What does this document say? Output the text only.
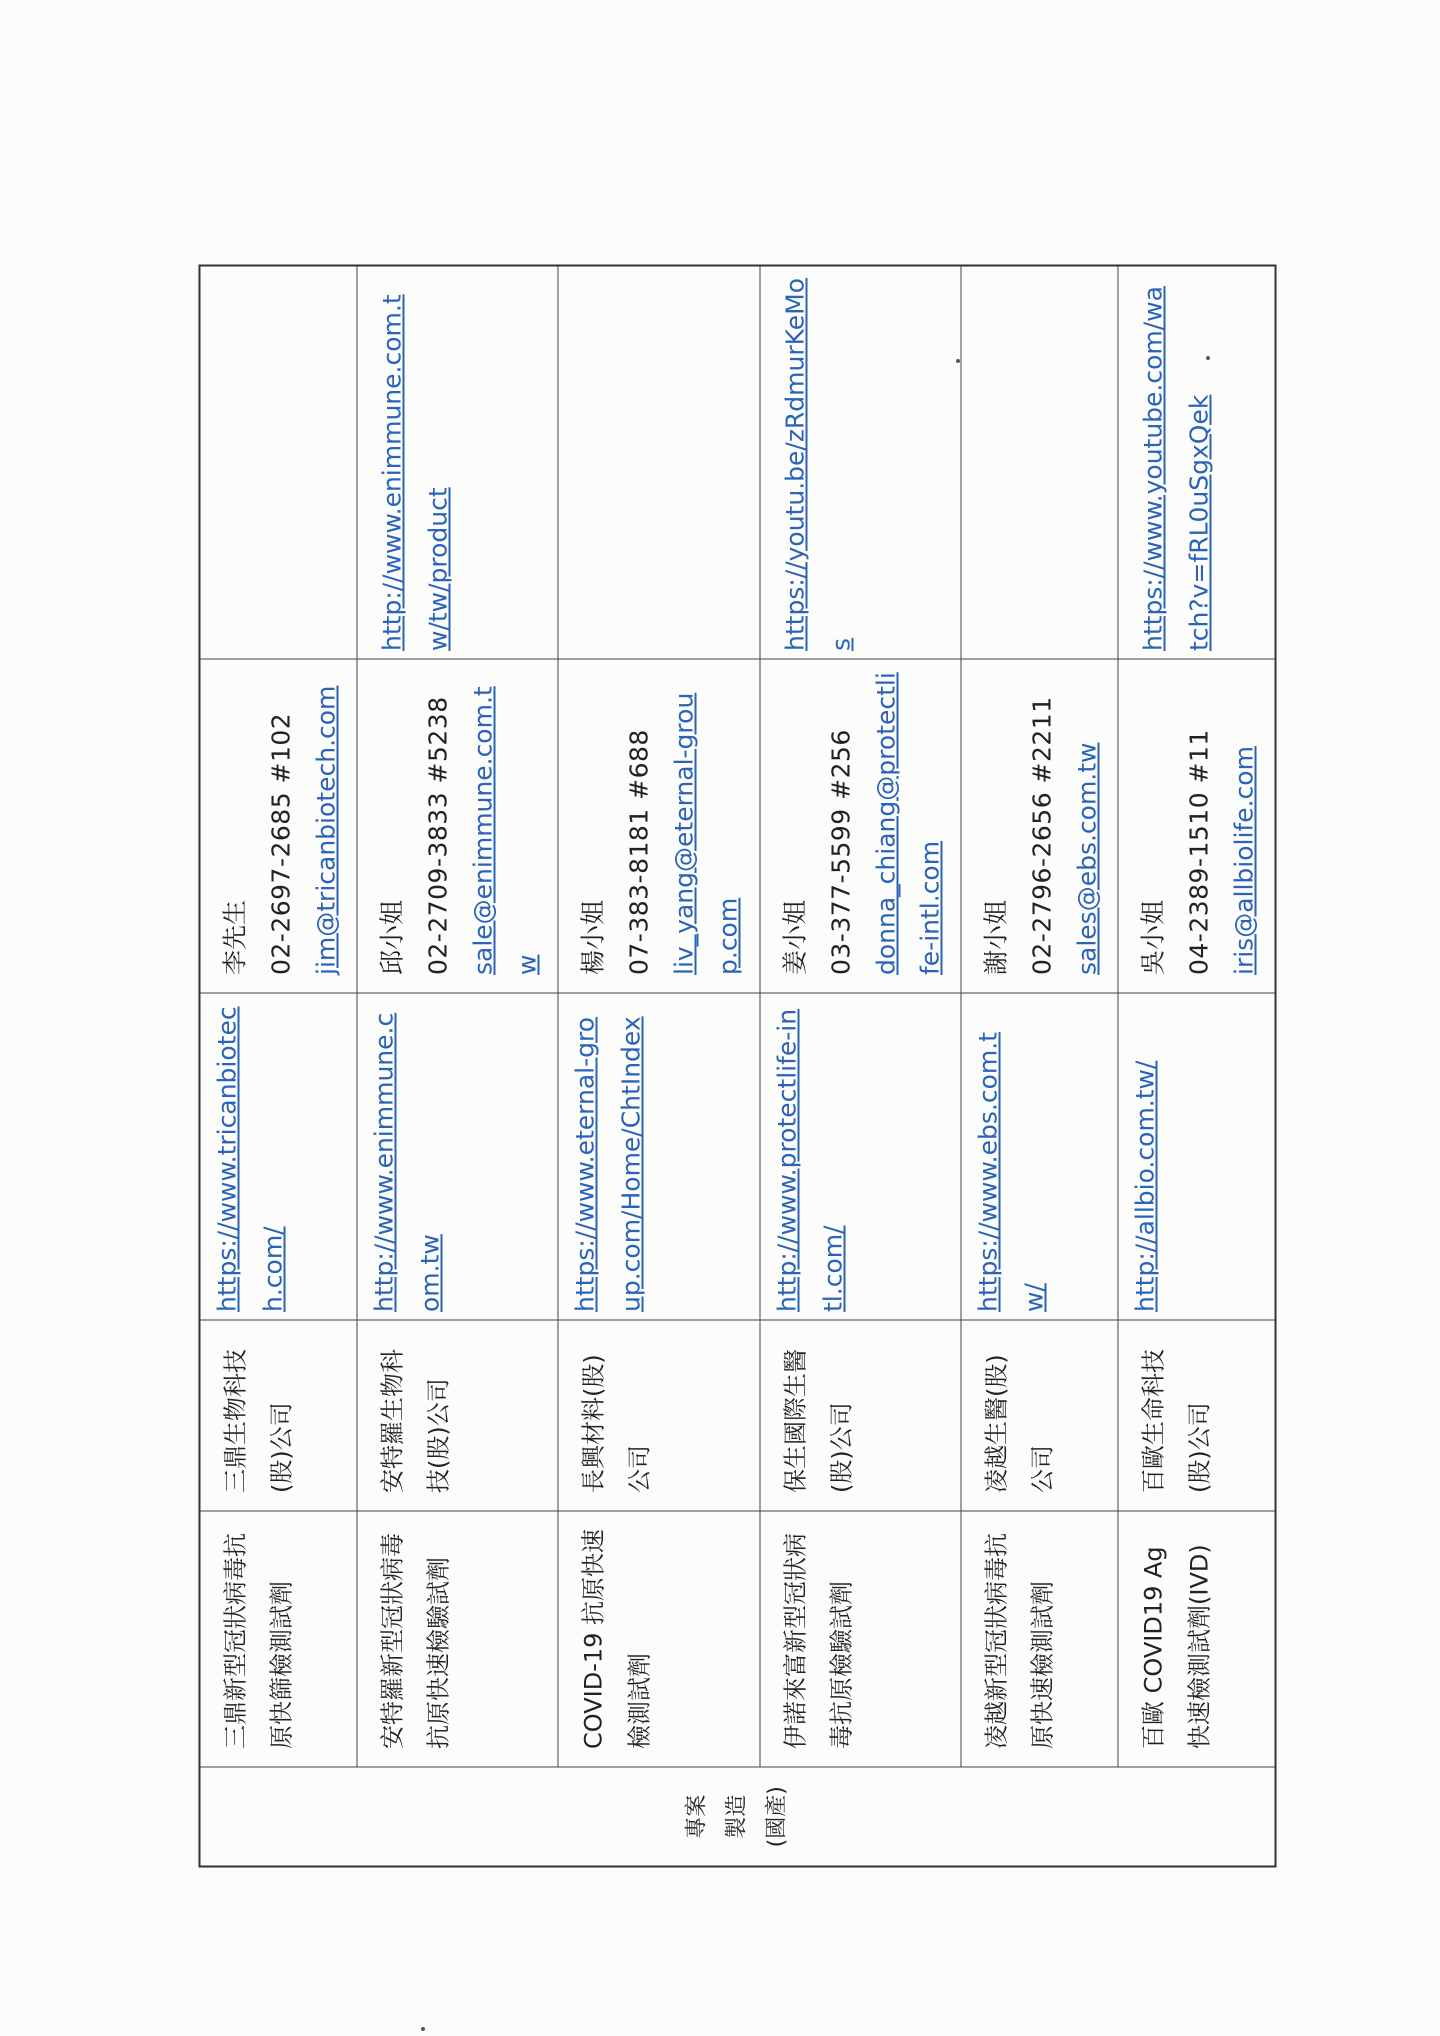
專案 製造 (國產)	三鼎新型冠狀病毒抗原快篩檢測試劑	三鼎生物科技(股)公司	https://www.tricanbiotech.com/	李先生 02-2697-2685 #102 jim@tricanbiotech.com	

	安特羅新型冠狀病毒抗原快速檢驗試劑	安特羅生物科技(股)公司	http://www.enimmune.com.tw	邱小姐 02-2709-3833 #5238 sale@enimmune.com.tw	http://www.enimmune.com.tw/tw/product
	COVID-19 抗原快速檢測試劑	長興材料(股)公司	https://www.eternal-group.com/Home/ChtIndex	楊小姐 07-383-8181 #688 liv_yang@eternal-group.com	

	伊諾來富新型冠狀病毒抗原檢驗試劑	保生國際生醫(股)公司	http://www.protectlife-intl.com/	姜小姐 03-377-5599 #256 donna_chiang@protectlife-intl.com	https://youtu.be/zRdmurKeMos
	凌越新型冠狀病毒抗原快速檢測試劑	凌越生醫(股)公司	https://www.ebs.com.tw/	謝小姐 02-2796-2656 #2211 sales@ebs.com.tw	

	百歐 COVID19 Ag 快速檢測試劑(IVD)	百歐生命科技(股)公司	http://allbio.com.tw/	吳小姐 04-2389-1510 #11 iris@allbiolife.com	https://www.youtube.com/watch?v=fRL0uSgxQek
